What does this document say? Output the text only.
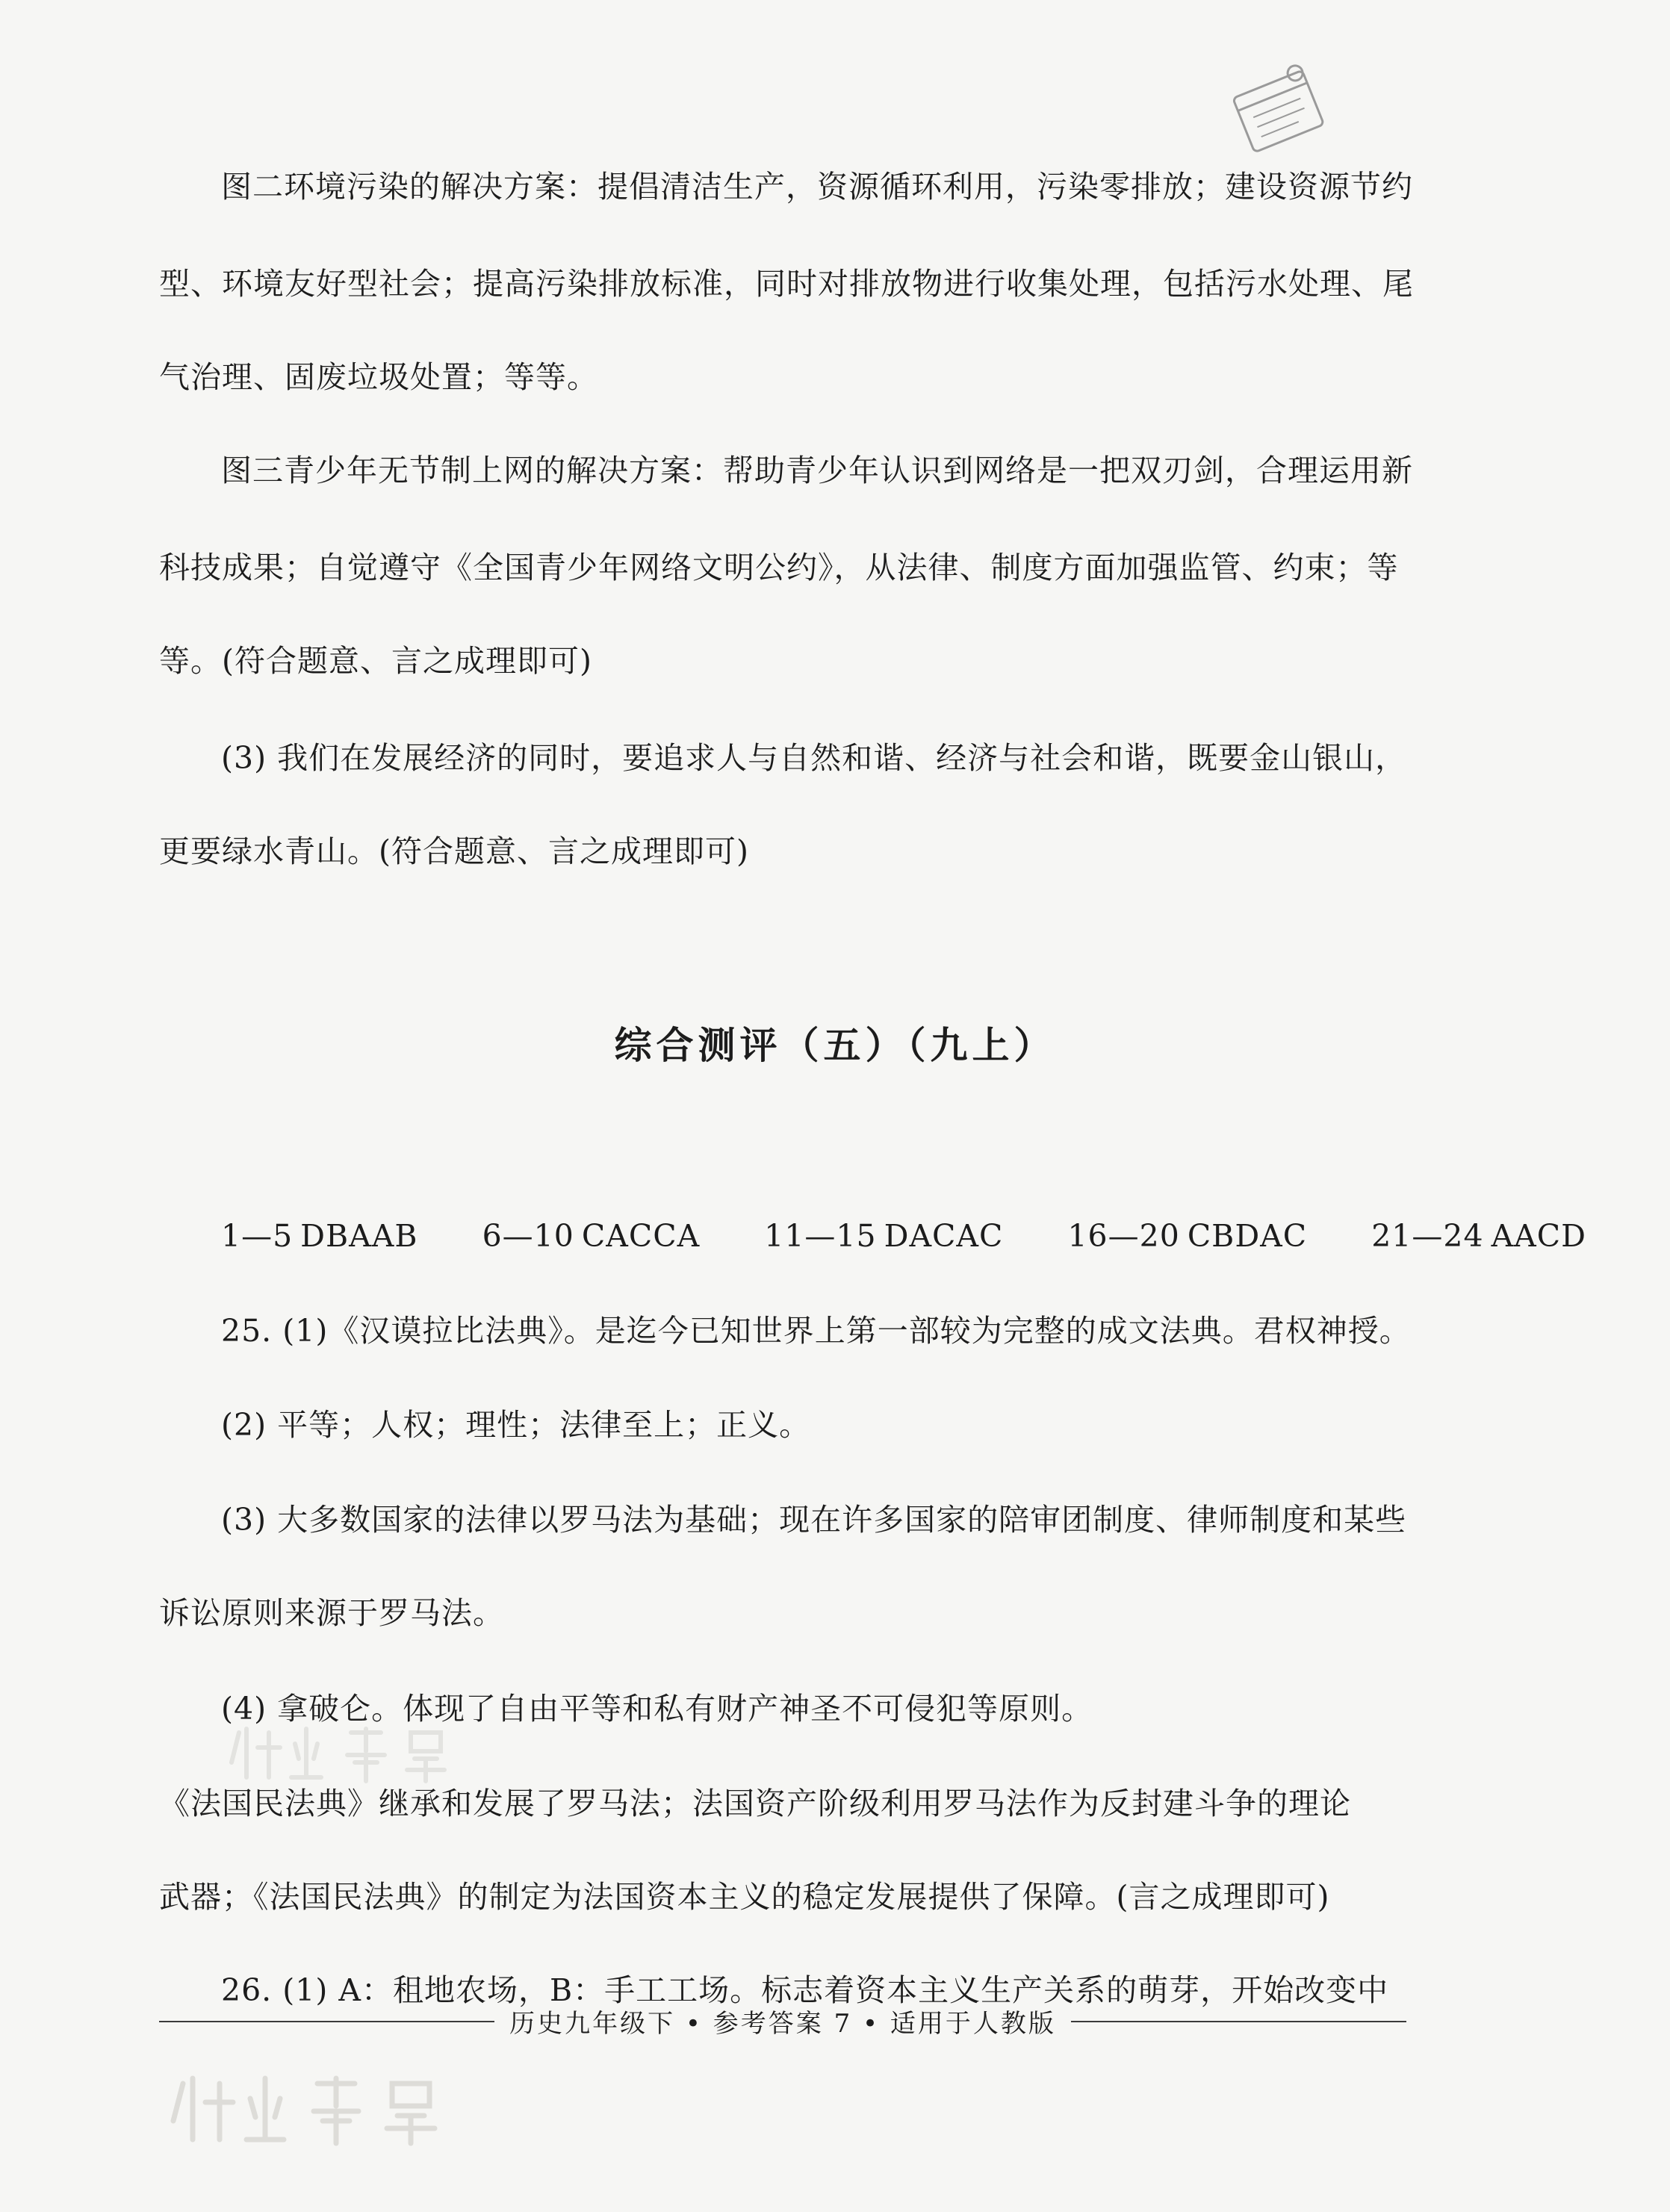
图二环境污染的解决方案：提倡清洁生产，资源循环利用，污染零排放；建设资源节约
型、环境友好型社会；提高污染排放标准，同时对排放物进行收集处理，包括污水处理、尾
气治理、固废垃圾处置；等等。
图三青少年无节制上网的解决方案：帮助青少年认识到网络是一把双刃剑，合理运用新
科技成果；自觉遵守《全国青少年网络文明公约》，从法律、制度方面加强监管、约束；等
等。(符合题意、言之成理即可)
(3) 我们在发展经济的同时，要追求人与自然和谐、经济与社会和谐，既要金山银山，
更要绿水青山。(符合题意、言之成理即可)
综合测评（五）（九上）
1—5 DBAAB 6—10 CACCA 11—15 DACAC 16—20 CBDAC 21—24 AACD
25. (1)《汉谟拉比法典》。是迄今已知世界上第一部较为完整的成文法典。君权神授。
(2) 平等；人权；理性；法律至上；正义。
(3) 大多数国家的法律以罗马法为基础；现在许多国家的陪审团制度、律师制度和某些
诉讼原则来源于罗马法。
(4) 拿破仑。体现了自由平等和私有财产神圣不可侵犯等原则。
《法国民法典》继承和发展了罗马法；法国资产阶级利用罗马法作为反封建斗争的理论
武器；《法国民法典》的制定为法国资本主义的稳定发展提供了保障。(言之成理即可)
26. (1) A：租地农场，B：手工工场。标志着资本主义生产关系的萌芽，开始改变中
历史九年级下 • 参考答案 7 • 适用于人教版
